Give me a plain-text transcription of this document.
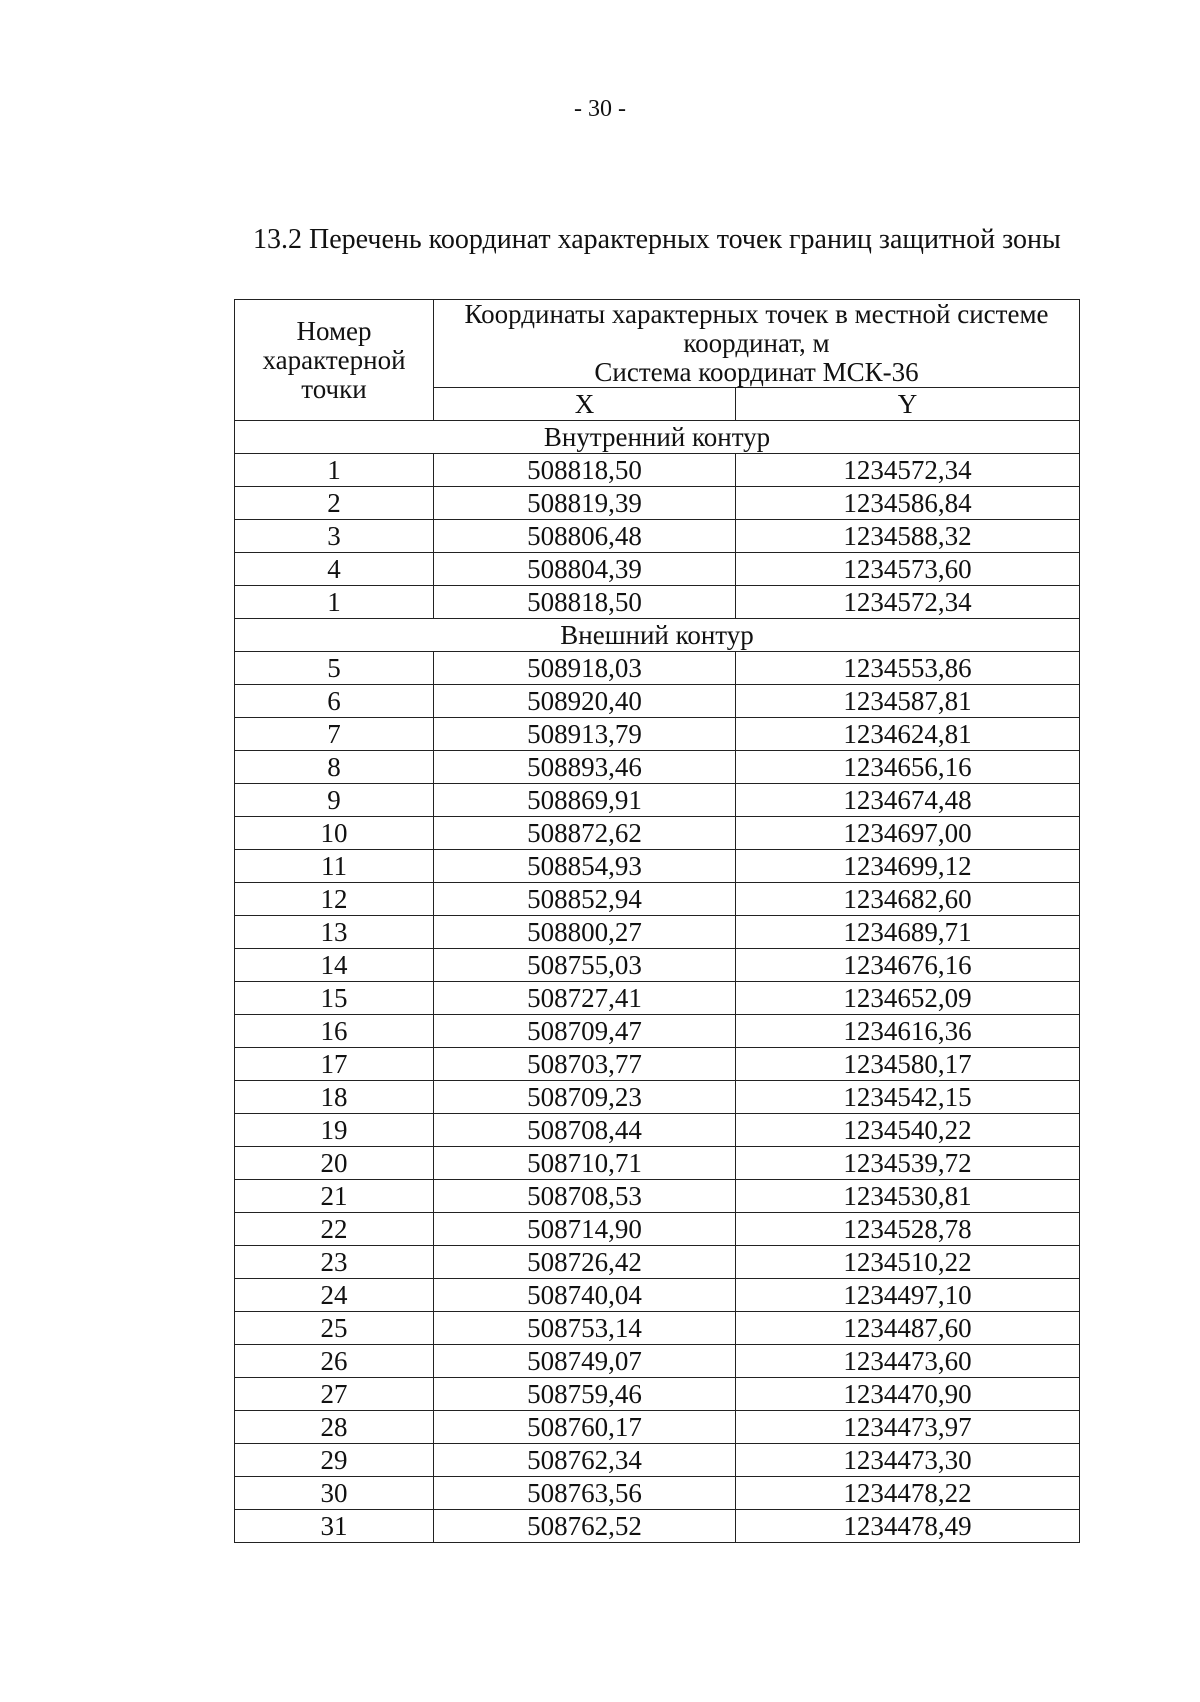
- 30 -
13.2 Перечень координат характерных точек границ защитной зоны
Номер
характерной
точки	Координаты характерных точек в местной системе
координат, м
Система координат МСК-36	

	X	Y
Внутренний контур		
1	508818,50	1234572,34
2	508819,39	1234586,84
3	508806,48	1234588,32
4	508804,39	1234573,60
1	508818,50	1234572,34
Внешний контур		
5	508918,03	1234553,86
6	508920,40	1234587,81
7	508913,79	1234624,81
8	508893,46	1234656,16
9	508869,91	1234674,48
10	508872,62	1234697,00
11	508854,93	1234699,12
12	508852,94	1234682,60
13	508800,27	1234689,71
14	508755,03	1234676,16
15	508727,41	1234652,09
16	508709,47	1234616,36
17	508703,77	1234580,17
18	508709,23	1234542,15
19	508708,44	1234540,22
20	508710,71	1234539,72
21	508708,53	1234530,81
22	508714,90	1234528,78
23	508726,42	1234510,22
24	508740,04	1234497,10
25	508753,14	1234487,60
26	508749,07	1234473,60
27	508759,46	1234470,90
28	508760,17	1234473,97
29	508762,34	1234473,30
30	508763,56	1234478,22
31	508762,52	1234478,49
